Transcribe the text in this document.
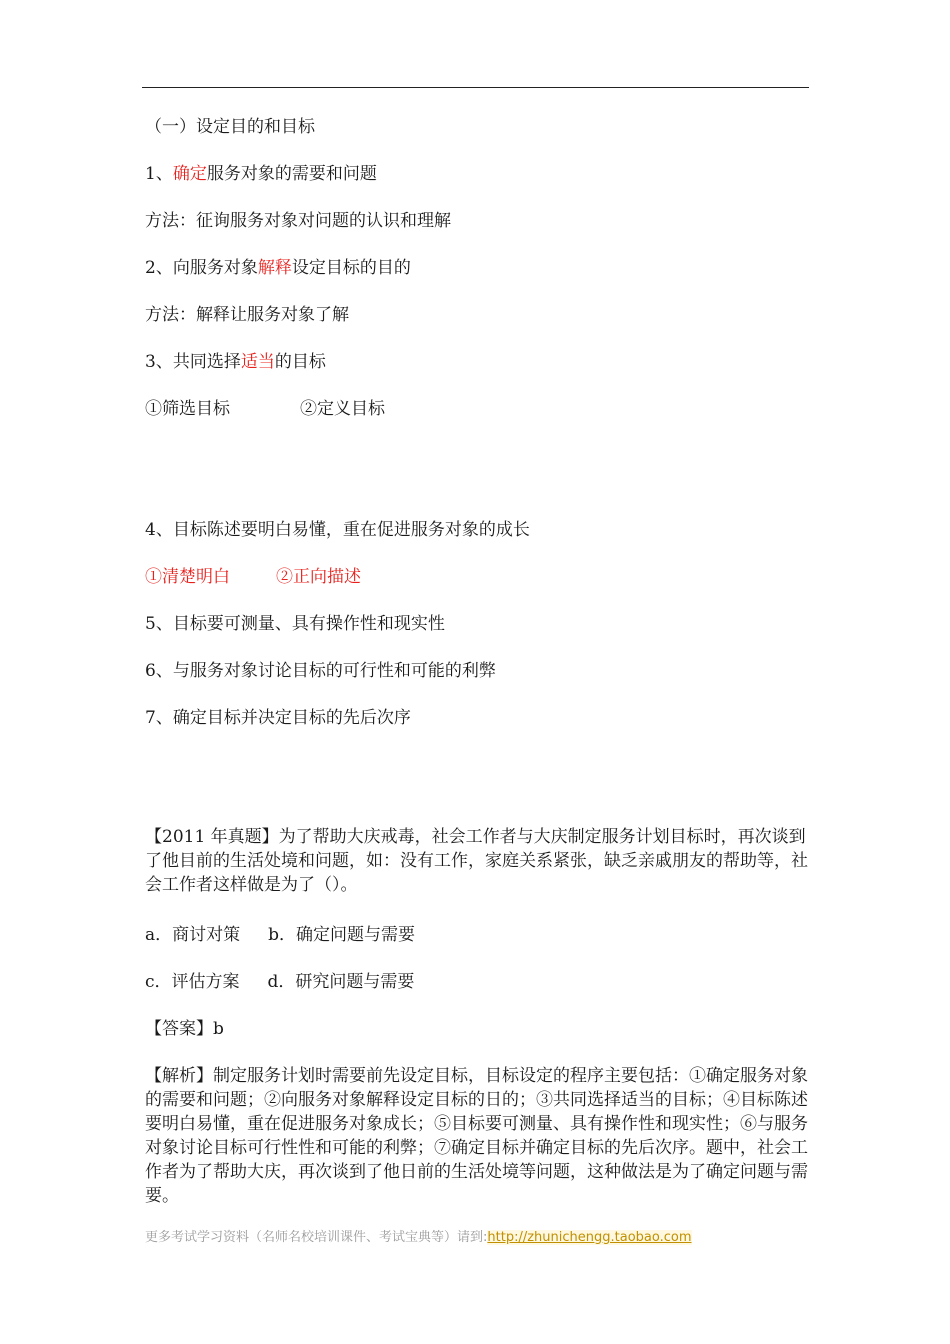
（一）设定目的和目标
1、确定服务对象的需要和问题
方法：征询服务对象对问题的认识和理解
2、向服务对象解释设定目标的目的
方法：解释让服务对象了解
3、共同选择适当的目标
①筛选目标	②定义目标
4、目标陈述要明白易懂，重在促进服务对象的成长
①清楚明白	②正向描述
5、目标要可测量、具有操作性和现实性
6、与服务对象讨论目标的可行性和可能的利弊
7、确定目标并决定目标的先后次序
【2011 年真题】为了帮助大庆戒毒，社会工作者与大庆制定服务计划目标时，再次谈到了他目前的生活处境和问题，如：没有工作，家庭关系紧张，缺乏亲戚朋友的帮助等，社会工作者这样做是为了（）。
a．商讨对策 b．确定问题与需要
c．评估方案 d．研究问题与需要
【答案】b
【解析】制定服务计划时需要前先设定目标，目标设定的程序主要包括：①确定服务对象的需要和问题；②向服务对象解释设定目标的日的；③共同选择适当的目标；④目标陈述要明白易懂，重在促进服务对象成长；⑤目标要可测量、具有操作性和现实性；⑥与服务对象讨论目标可行性性和可能的利弊；⑦确定目标并确定目标的先后次序。题中，社会工作者为了帮助大庆，再次谈到了他日前的生活处境等问题，这种做法是为了确定问题与需要。
更多考试学习资料（名师名校培训课件、考试宝典等）请到:http://zhunichengg.taobao.com
